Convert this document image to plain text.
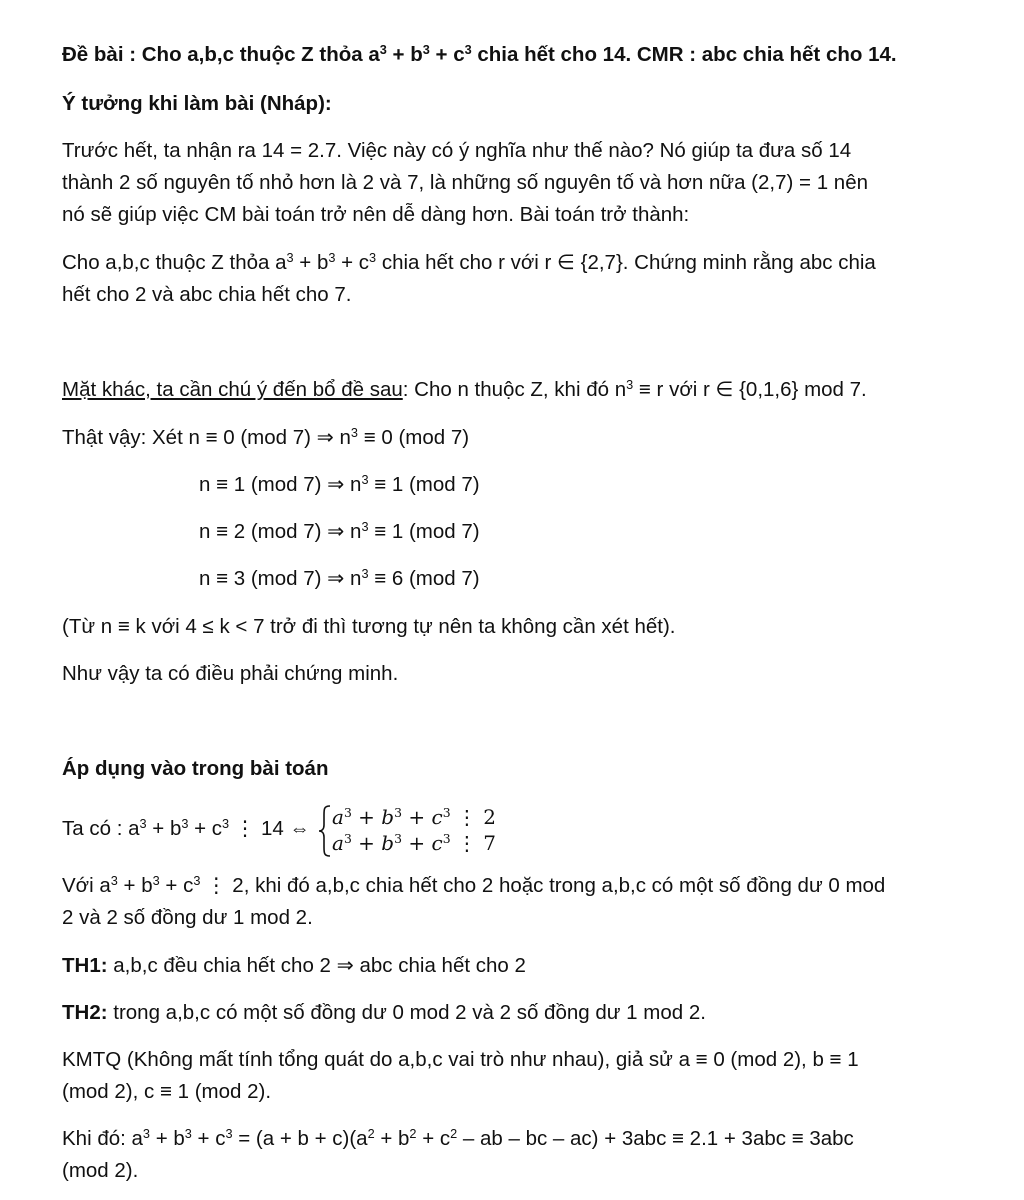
Đề bài : Cho a,b,c thuộc Z thỏa $a^3 + b^3 + c^3$ chia hết cho 14. CMR : abc chia hết cho 14.
Ý tưởng khi làm bài (Nháp):
Trước hết, ta nhận ra 14 = 2.7. Việc này có ý nghĩa như thế nào? Nó giúp ta đưa số 14
thành 2 số nguyên tố nhỏ hơn là 2 và 7, là những số nguyên tố và hơn nữa (2,7) = 1 nên
nó sẽ giúp việc CM bài toán trở nên dễ dàng hơn. Bài toán trở thành:
Cho a,b,c thuộc Z thỏa $a^3 + b^3 + c^3$ chia hết cho r với r ∈ {2,7}. Chứng minh rằng abc chia
hết cho 2 và abc chia hết cho 7.
Mặt khác, ta cần chú ý đến bổ đề sau: Cho n thuộc Z, khi đó $n^3 \equiv r$ với r ∈ {0,1,6} mod 7.
Thật vậy: Xét n ≡ 0 (mod 7) ⇒ $n^3 \equiv 0$ (mod 7)
n ≡ 1 (mod 7) ⇒ $n^3 \equiv 1$ (mod 7)
n ≡ 2 (mod 7) ⇒ $n^3 \equiv 1$ (mod 7)
n ≡ 3 (mod 7) ⇒ $n^3 \equiv 6$ (mod 7)
(Từ n ≡ k với 4 ≤ k < 7 trở đi thì tương tự nên ta không cần xét hết).
Như vậy ta có điều phải chứng minh.
Áp dụng vào trong bài toán
Ta có : $a^3 + b^3 + c^3$ ⋮ 14 ⇔ $a^3 + b^3 + c^3$ ⋮ 2
$a^3 + b^3 + c^3$ ⋮ 7
Với $a^3 + b^3 + c^3$ ⋮ 2, khi đó a,b,c chia hết cho 2 hoặc trong a,b,c có một số đồng dư 0 mod
2 và 2 số đồng dư 1 mod 2.
TH1: a,b,c đều chia hết cho 2 ⇒ abc chia hết cho 2
TH2: trong a,b,c có một số đồng dư 0 mod 2 và 2 số đồng dư 1 mod 2.
KMTQ (Không mất tính tổng quát do a,b,c vai trò như nhau), giả sử a ≡ 0 (mod 2), b ≡ 1
(mod 2), c ≡ 1 (mod 2).
Khi đó: $a^3 + b^3 + c^3 = (a + b + c)(a^2 + b^2 + c^2$ – ab – bc – ac) + 3abc ≡ 2.1 + 3abc ≡ 3abc
(mod 2).
